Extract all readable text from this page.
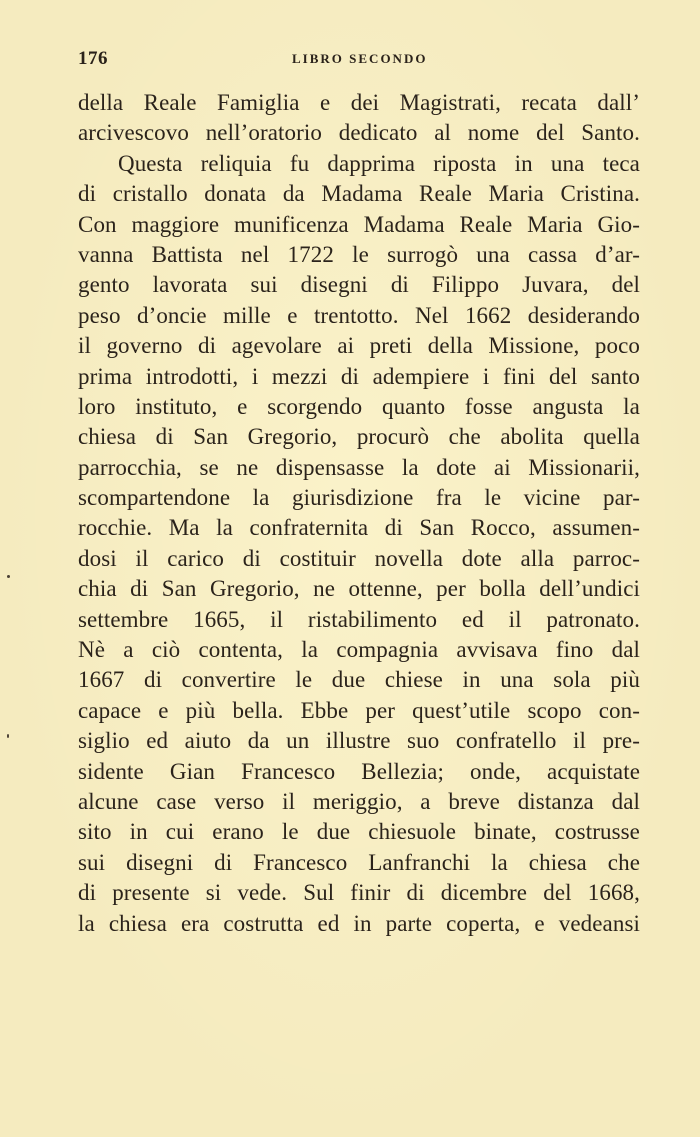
176	LIBRO SECONDO
della Reale Famiglia e dei Magistrati, recata dall’
arcivescovo nell’oratorio dedicato al nome del Santo.
Questa reliquia fu dapprima riposta in una teca
di cristallo donata da Madama Reale Maria Cristina.
Con maggiore munificenza Madama Reale Maria Gio-
vanna Battista nel 1722 le surrogò una cassa d’ar-
gento lavorata sui disegni di Filippo Juvara, del
peso d’oncie mille e trentotto. Nel 1662 desiderando
il governo di agevolare ai preti della Missione, poco
prima introdotti, i mezzi di adempiere i fini del santo
loro instituto, e scorgendo quanto fosse angusta la
chiesa di San Gregorio, procurò che abolita quella
parrocchia, se ne dispensasse la dote ai Missionarii,
scompartendone la giurisdizione fra le vicine par-
rocchie. Ma la confraternita di San Rocco, assumen-
dosi il carico di costituir novella dote alla parroc-
chia di San Gregorio, ne ottenne, per bolla dell’undici
settembre 1665, il ristabilimento ed il patronato.
Nè a ciò contenta, la compagnia avvisava fino dal
1667 di convertire le due chiese in una sola più
capace e più bella. Ebbe per quest’utile scopo con-
siglio ed aiuto da un illustre suo confratello il pre-
sidente Gian Francesco Bellezia; onde, acquistate
alcune case verso il meriggio, a breve distanza dal
sito in cui erano le due chiesuole binate, costrusse
sui disegni di Francesco Lanfranchi la chiesa che
di presente si vede. Sul finir di dicembre del 1668,
la chiesa era costrutta ed in parte coperta, e vedeansi
